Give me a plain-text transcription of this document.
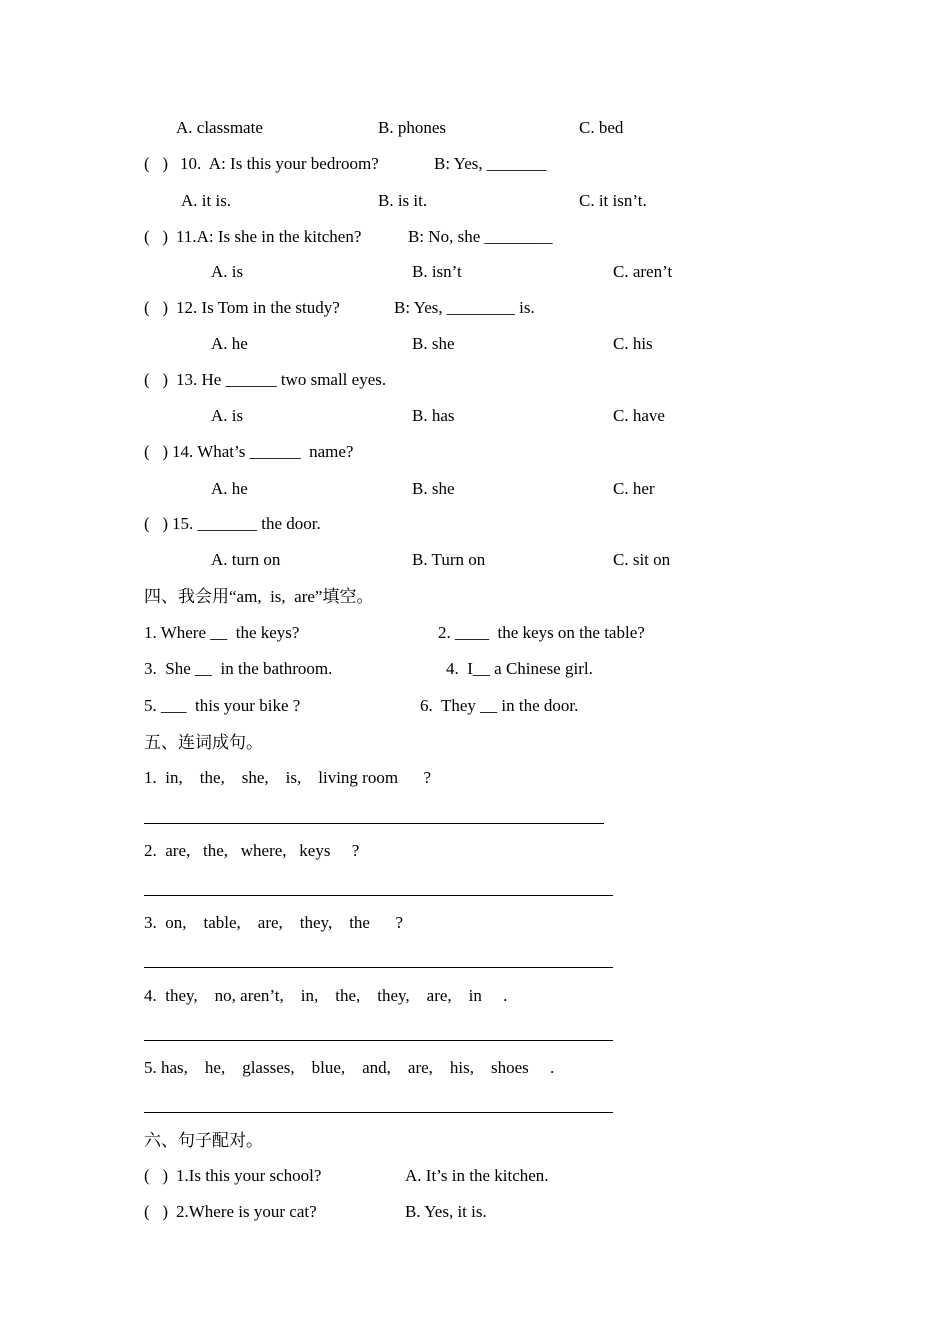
A. classmate	B. phones	C. bed
(   ) 10.  A: Is this your bedroom?	B: Yes, _______
A. it is.	B. is it.	C. it isn’t.
(   ) 11.A: Is she in the kitchen?	B: No, she ________
A. is	B. isn’t	C. aren’t
(   ) 12. Is Tom in the study?	B: Yes, ________ is.
A. he	B. she	C. his
(   ) 13. He ______ two small eyes.
A. is	B. has	C. have
(   ) 14. What’s ______  name?
A. he	B. she	C. her
(   ) 15. _______ the door.
A. turn on	B. Turn on	C. sit on
四、我会用“am,  is,  are”填空。
1. Where __  the keys?	2. ____  the keys on the table?
3.  She __  in the bathroom.	4.  I__ a Chinese girl.
5. ___  this your bike ?	6.  They __ in the door.
五、连词成句。
1.  in,    the,    she,    is,    living room      ?
2.  are,   the,   where,   keys     ?
3.  on,    table,    are,    they,    the      ?
4.  they,    no, aren’t,    in,    the,    they,    are,    in     .
5. has,    he,    glasses,    blue,    and,    are,    his,    shoes     .
六、句子配对。
(   ) 1.Is this your school?	A. It’s in the kitchen.
(   ) 2.Where is your cat?	B. Yes, it is.
